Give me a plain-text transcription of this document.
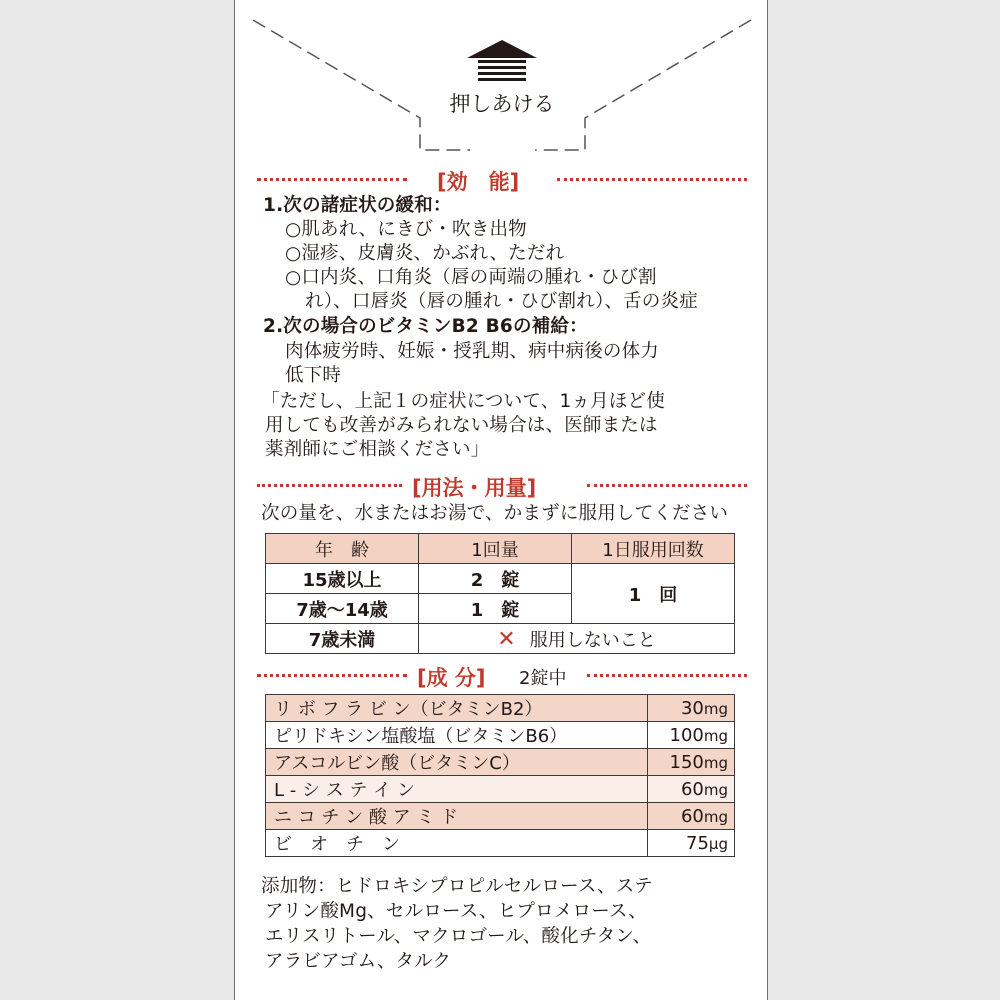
押しあける
[効　能]
1.次の諸症状の緩和：
○肌あれ、にきび・吹き出物
○湿疹、皮膚炎、かぶれ、ただれ
○口内炎、口角炎（唇の両端の腫れ・ひび割
れ）、口唇炎（唇の腫れ・ひび割れ）、舌の炎症
2.次の場合のビタミンB2 B6の補給：
肉体疲労時、妊娠・授乳期、病中病後の体力
低下時
「ただし、上記１の症状について、1ヵ月ほど使
用しても改善がみられない場合は、医師または
薬剤師にご相談ください」
[用法・用量]
次の量を、水またはお湯で、かまずに服用してください
年　齢	1回量	1日服用回数
15歳以上	2　錠	1　回
7歳〜14歳	1　錠	
7歳未満	✕ 服用しないこと	
[成 分] 2錠中
リ ボ フ ラ ビ ン（ビタミンB2）	30mg
ピリドキシン塩酸塩（ビタミンB6）	100mg
アスコルビン酸（ビタミンC）	150mg
L - シ ス テ イ ン	60mg
ニ コ チ ン 酸 ア ミ ド	60mg
ビ　オ　チ　ン	75μg
添加物：ヒドロキシプロピルセルロース、ステ
アリン酸Mg、セルロース、ヒプロメロース、
エリスリトール、マクロゴール、酸化チタン、
アラビアゴム、タルク
